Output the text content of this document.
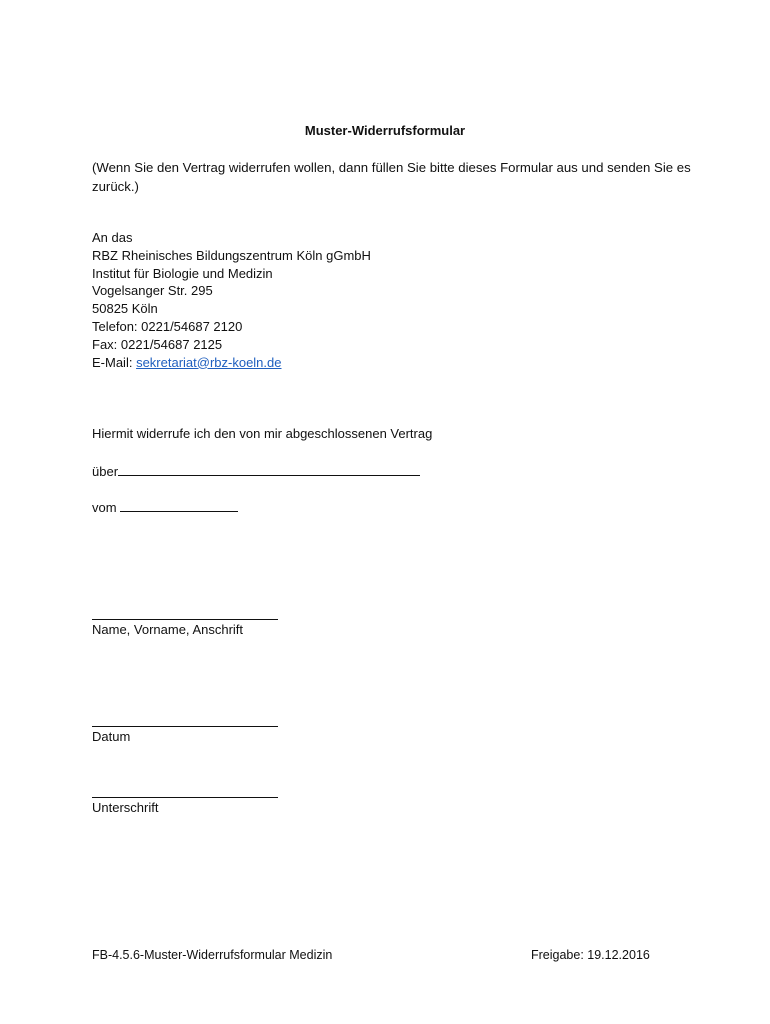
Muster-Widerrufsformular
(Wenn Sie den Vertrag widerrufen wollen, dann füllen Sie bitte dieses Formular aus und senden Sie es zurück.)
An das
RBZ Rheinisches Bildungszentrum Köln gGmbH
Institut für Biologie und Medizin
Vogelsanger Str. 295
50825 Köln
Telefon: 0221/54687 2120
Fax: 0221/54687 2125
E-Mail: sekretariat@rbz-koeln.de
Hiermit widerrufe ich den von mir abgeschlossenen Vertrag
über
vom
Name, Vorname, Anschrift
Datum
Unterschrift
FB-4.5.6-Muster-Widerrufsformular Medizin	Freigabe: 19.12.2016
